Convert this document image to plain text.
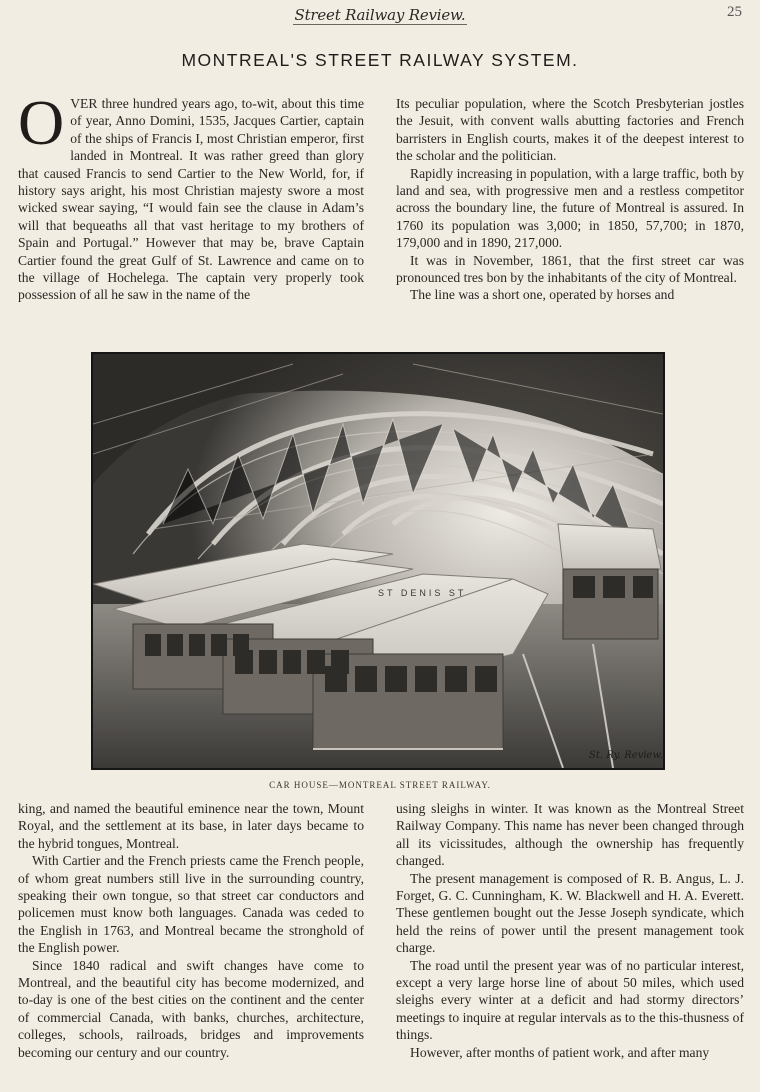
Street Railway Review.	25
MONTREAL'S STREET RAILWAY SYSTEM.

OVER three hundred years ago, to-wit, about this time of year, Anno Domini, 1535, Jacques Cartier, captain of the ships of Francis I, most Christian emperor, first landed in Montreal. It was rather greed than glory that caused Francis to send Cartier to the New World, for, if history says aright, his most Christian majesty swore a most wicked swear saying, “I would fain see the clause in Adam’s will that bequeaths all that vast heritage to my brothers of Spain and Portugal.” However that may be, brave Captain Cartier found the great Gulf of St. Lawrence and came on to the village of Hochelega. The captain very properly took possession of all he saw in the name of the

Its peculiar population, where the Scotch Presbyterian jostles the Jesuit, with convent walls abutting factories and French barristers in English courts, makes it of the deepest interest to the scholar and the politician.

Rapidly increasing in population, with a large traffic, both by land and sea, with progressive men and a restless competitor across the boundary line, the future of Montreal is assured. In 1760 its population was 3,000; in 1850, 57,700; in 1870, 179,000 and in 1890, 217,000.

It was in November, 1861, that the first street car was pronounced tres bon by the inhabitants of the city of Montreal.

The line was a short one, operated by horses and

ST DENIS ST
St. Ry. Review.
CAR HOUSE—MONTREAL STREET RAILWAY.

king, and named the beautiful eminence near the town, Mount Royal, and the settlement at its base, in later days became to the hybrid tongues, Montreal.

With Cartier and the French priests came the French people, of whom great numbers still live in the surrounding country, speaking their own tongue, so that street car conductors and policemen must know both languages. Canada was ceded to the English in 1763, and Montreal became the stronghold of the English power.

Since 1840 radical and swift changes have come to Montreal, and the beautiful city has become modernized, and to-day is one of the best cities on the continent and the center of commercial Canada, with banks, churches, architecture, colleges, schools, railroads, bridges and improvements becoming our century and our country.

using sleighs in winter. It was known as the Montreal Street Railway Company. This name has never been changed through all its vicissitudes, although the ownership has frequently changed.

The present management is composed of R. B. Angus, L. J. Forget, G. C. Cunningham, K. W. Blackwell and H. A. Everett. These gentlemen bought out the Jesse Joseph syndicate, which held the reins of power until the present management took charge.

The road until the present year was of no particular interest, except a very large horse line of about 50 miles, which used sleighs every winter at a deficit and had stormy directors’ meetings to inquire at regular intervals as to the this-thusness of things.

However, after months of patient work, and after many
